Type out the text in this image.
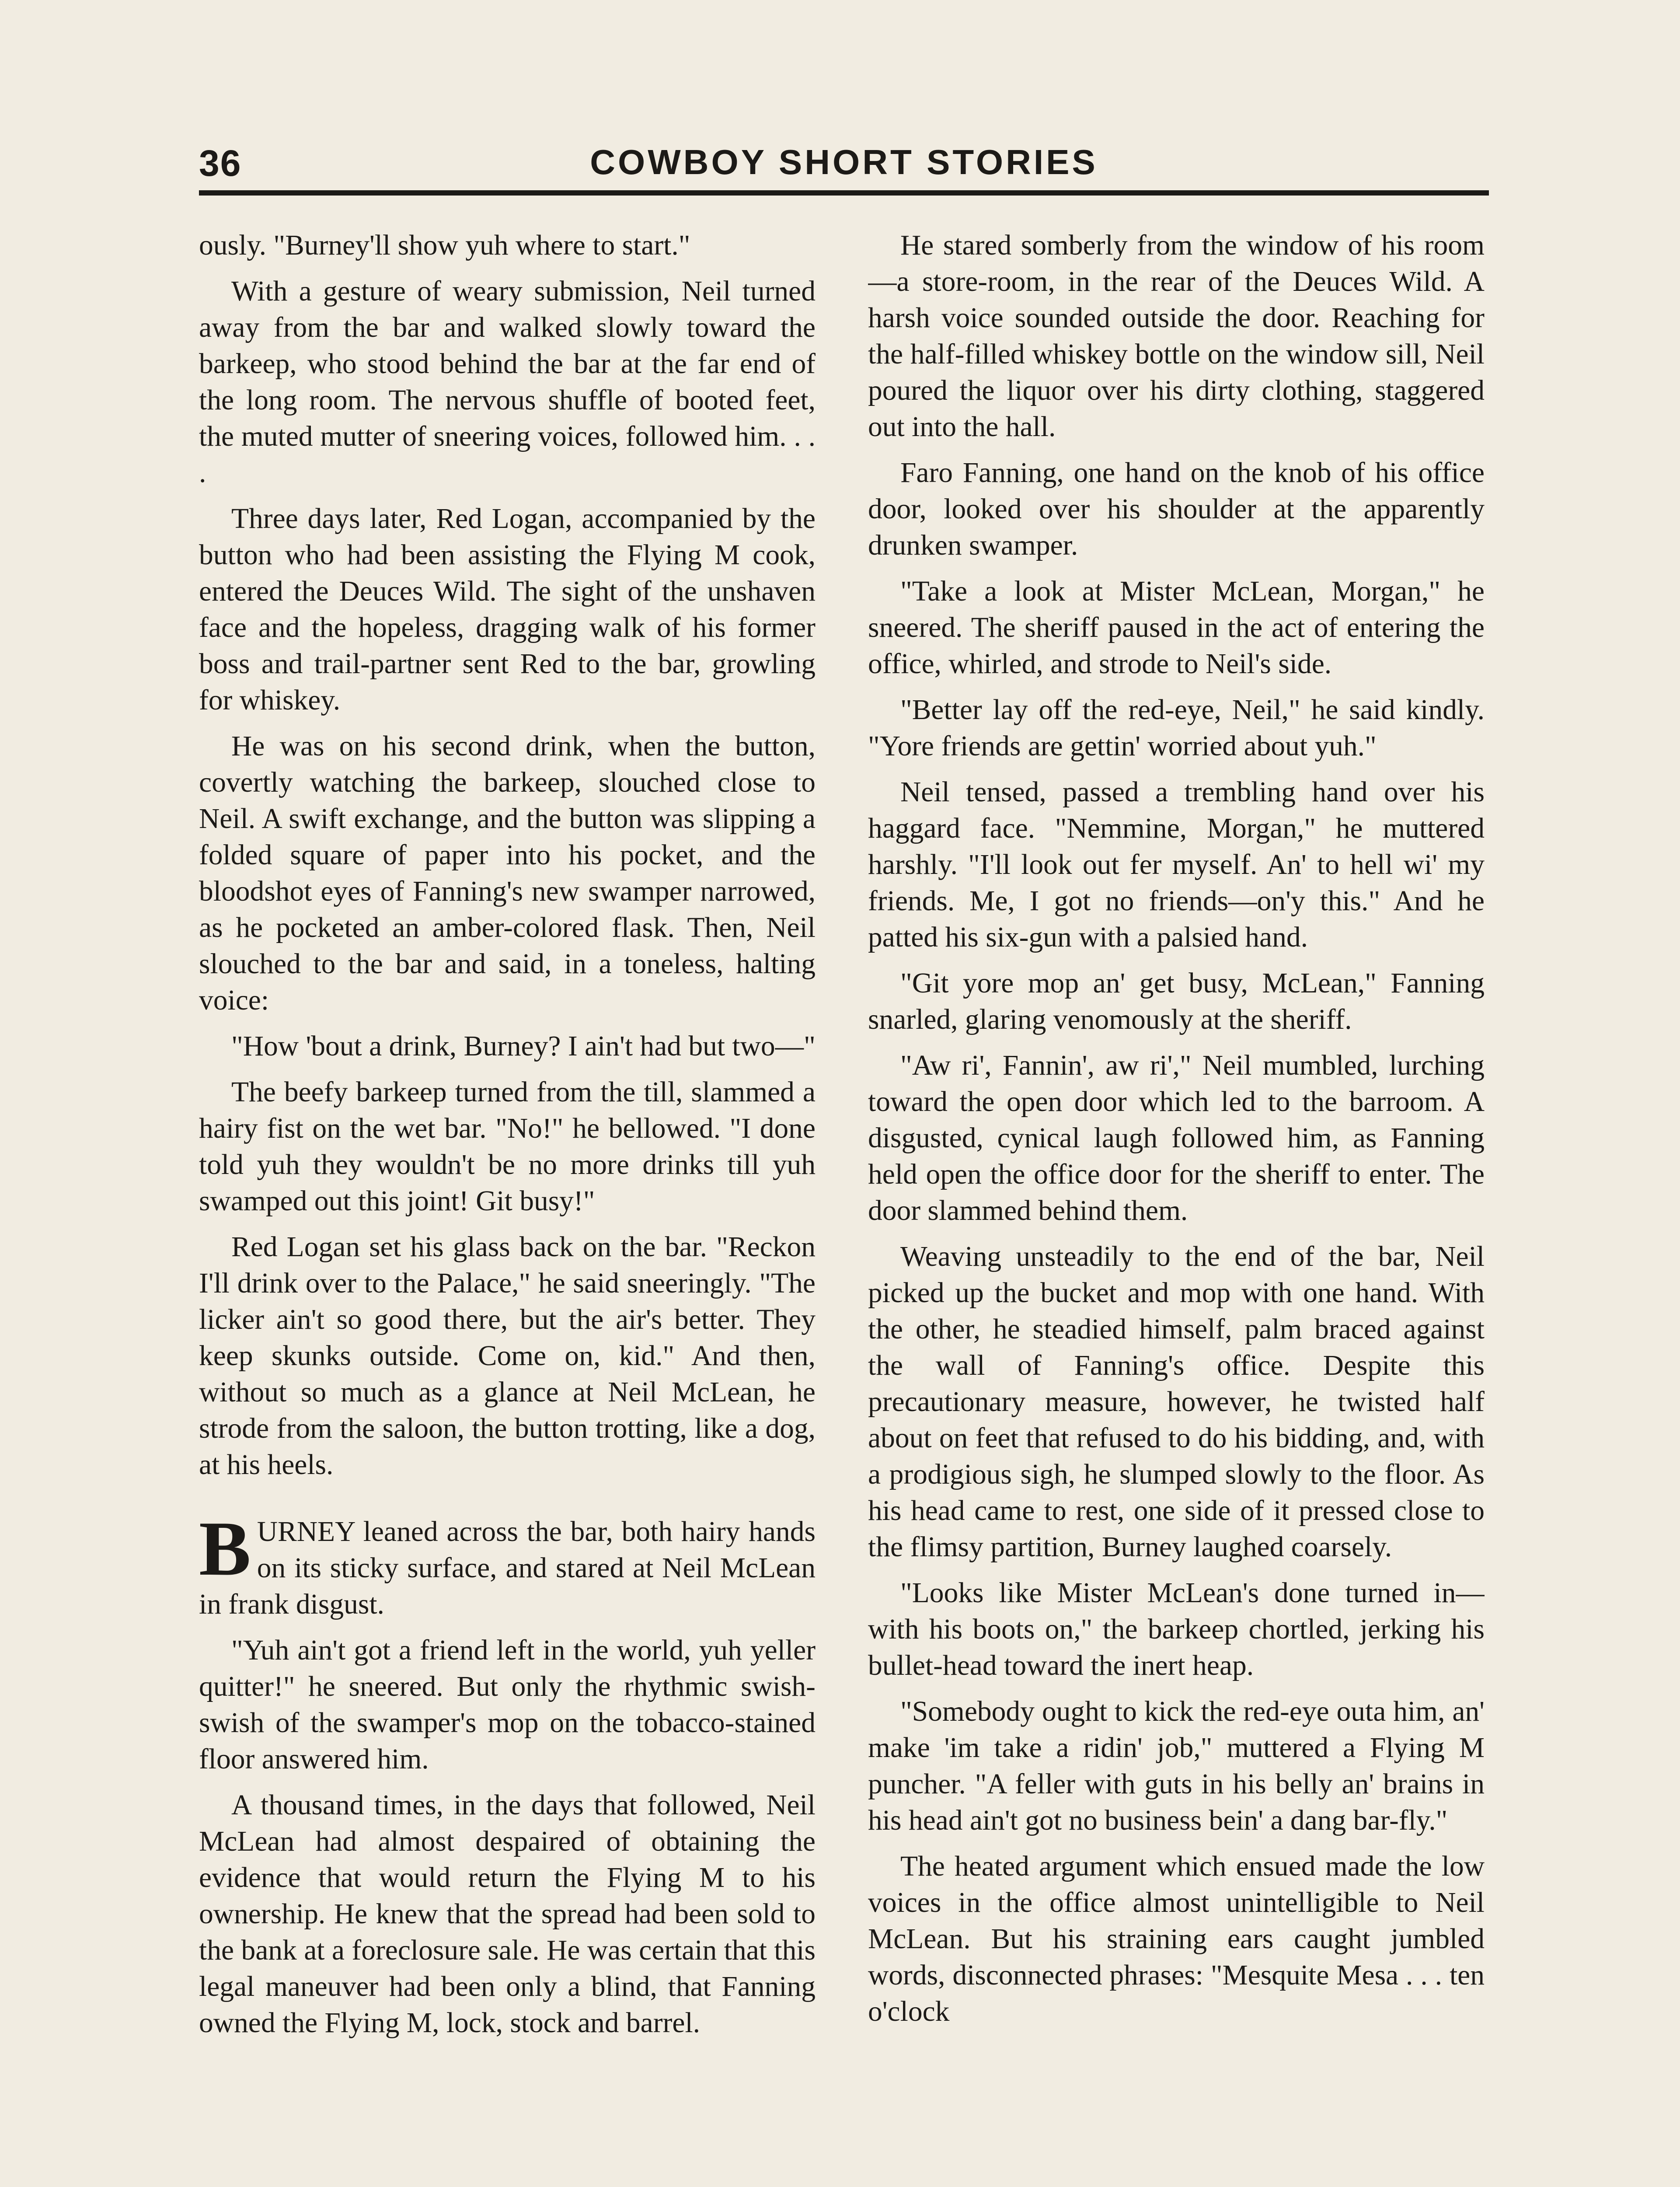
36	COWBOY SHORT STORIES

ously. "Burney'll show yuh where to start."

With a gesture of weary submission, Neil turned away from the bar and walked slowly toward the barkeep, who stood behind the bar at the far end of the long room. The nervous shuffle of booted feet, the muted mutter of sneering voices, followed him. . . .

Three days later, Red Logan, accompanied by the button who had been assisting the Flying M cook, entered the Deuces Wild. The sight of the unshaven face and the hopeless, dragging walk of his former boss and trail-partner sent Red to the bar, growling for whiskey.

He was on his second drink, when the button, covertly watching the barkeep, slouched close to Neil. A swift exchange, and the button was slipping a folded square of paper into his pocket, and the bloodshot eyes of Fanning's new swamper narrowed, as he pocketed an amber-colored flask. Then, Neil slouched to the bar and said, in a toneless, halting voice:

"How 'bout a drink, Burney? I ain't had but two—"

The beefy barkeep turned from the till, slammed a hairy fist on the wet bar. "No!" he bellowed. "I done told yuh they wouldn't be no more drinks till yuh swamped out this joint! Git busy!"

Red Logan set his glass back on the bar. "Reckon I'll drink over to the Palace," he said sneeringly. "The licker ain't so good there, but the air's better. They keep skunks outside. Come on, kid." And then, without so much as a glance at Neil McLean, he strode from the saloon, the button trotting, like a dog, at his heels.

BURNEY leaned across the bar, both hairy hands on its sticky surface, and stared at Neil McLean in frank disgust.

"Yuh ain't got a friend left in the world, yuh yeller quitter!" he sneered. But only the rhythmic swish-swish of the swamper's mop on the tobacco-stained floor answered him.

A thousand times, in the days that followed, Neil McLean had almost despaired of obtaining the evidence that would return the Flying M to his ownership. He knew that the spread had been sold to the bank at a foreclosure sale. He was certain that this legal maneuver had been only a blind, that Fanning owned the Flying M, lock, stock and barrel.

He stared somberly from the window of his room—a store-room, in the rear of the Deuces Wild. A harsh voice sounded outside the door. Reaching for the half-filled whiskey bottle on the window sill, Neil poured the liquor over his dirty clothing, staggered out into the hall.

Faro Fanning, one hand on the knob of his office door, looked over his shoulder at the apparently drunken swamper.

"Take a look at Mister McLean, Morgan," he sneered. The sheriff paused in the act of entering the office, whirled, and strode to Neil's side.

"Better lay off the red-eye, Neil," he said kindly. "Yore friends are gettin' worried about yuh."

Neil tensed, passed a trembling hand over his haggard face. "Nemmine, Morgan," he muttered harshly. "I'll look out fer myself. An' to hell wi' my friends. Me, I got no friends—on'y this." And he patted his six-gun with a palsied hand.

"Git yore mop an' get busy, McLean," Fanning snarled, glaring venomously at the sheriff.

"Aw ri', Fannin', aw ri'," Neil mumbled, lurching toward the open door which led to the barroom. A disgusted, cynical laugh followed him, as Fanning held open the office door for the sheriff to enter. The door slammed behind them.

Weaving unsteadily to the end of the bar, Neil picked up the bucket and mop with one hand. With the other, he steadied himself, palm braced against the wall of Fanning's office. Despite this precautionary measure, however, he twisted half about on feet that refused to do his bidding, and, with a prodigious sigh, he slumped slowly to the floor. As his head came to rest, one side of it pressed close to the flimsy partition, Burney laughed coarsely.

"Looks like Mister McLean's done turned in—with his boots on," the barkeep chortled, jerking his bullet-head toward the inert heap.

"Somebody ought to kick the red-eye outa him, an' make 'im take a ridin' job," muttered a Flying M puncher. "A feller with guts in his belly an' brains in his head ain't got no business bein' a dang bar-fly."

The heated argument which ensued made the low voices in the office almost unintelligible to Neil McLean. But his straining ears caught jumbled words, disconnected phrases: "Mesquite Mesa . . . ten o'clock
